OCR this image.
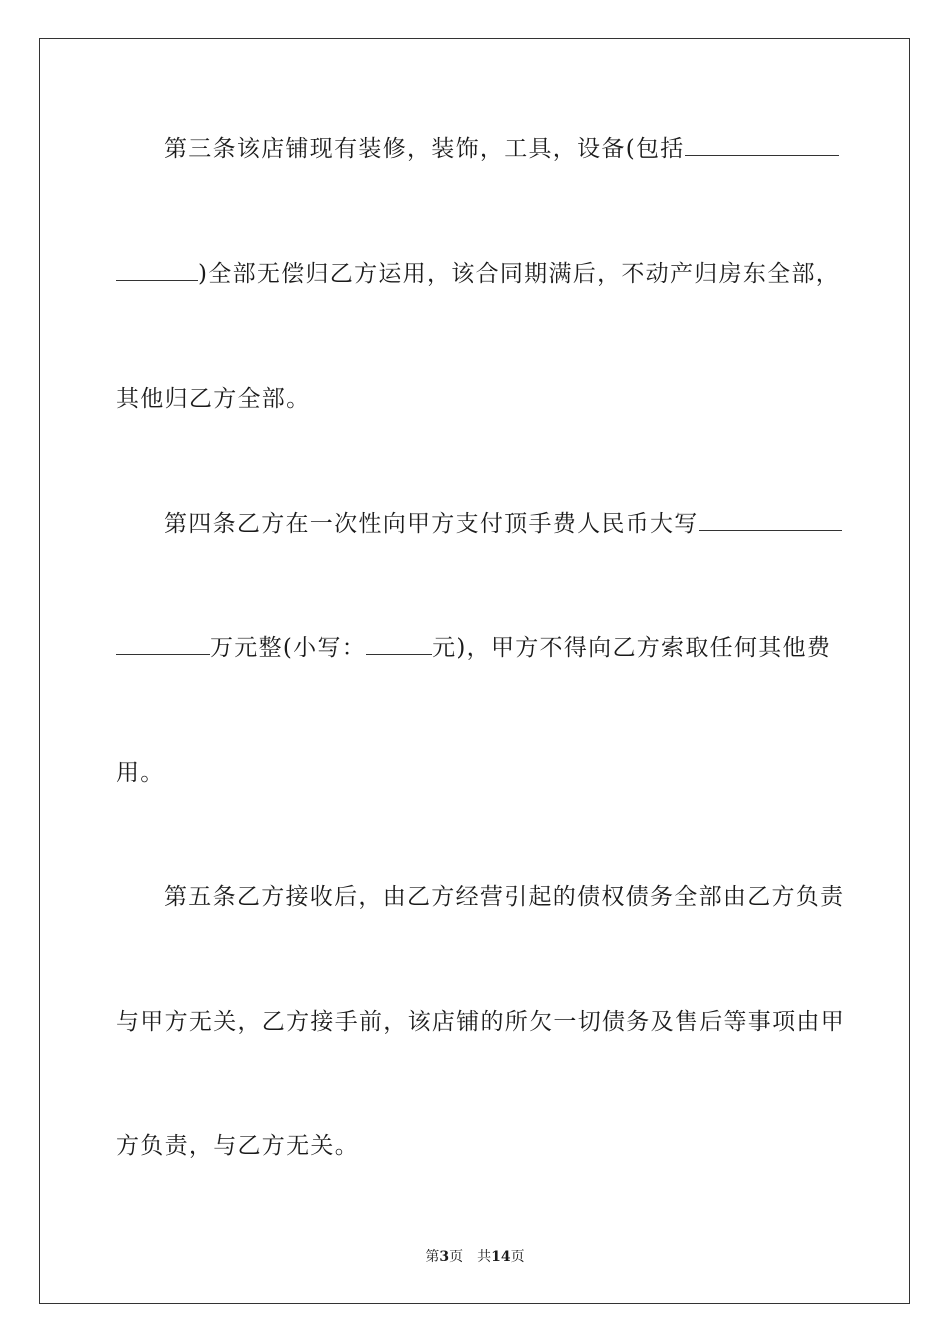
第三条该店铺现有装修，装饰，工具，设备(包括
)全部无偿归乙方运用，该合同期满后，不动产归房东全部，
其他归乙方全部。
第四条乙方在一次性向甲方支付顶手费人民币大写
万元整(小写：	元)，甲方不得向乙方索取任何其他费
用。
第五条乙方接收后，由乙方经营引起的债权债务全部由乙方负责
与甲方无关，乙方接手前，该店铺的所欠一切债务及售后等事项由甲
方负责，与乙方无关。
第3页 共14页
